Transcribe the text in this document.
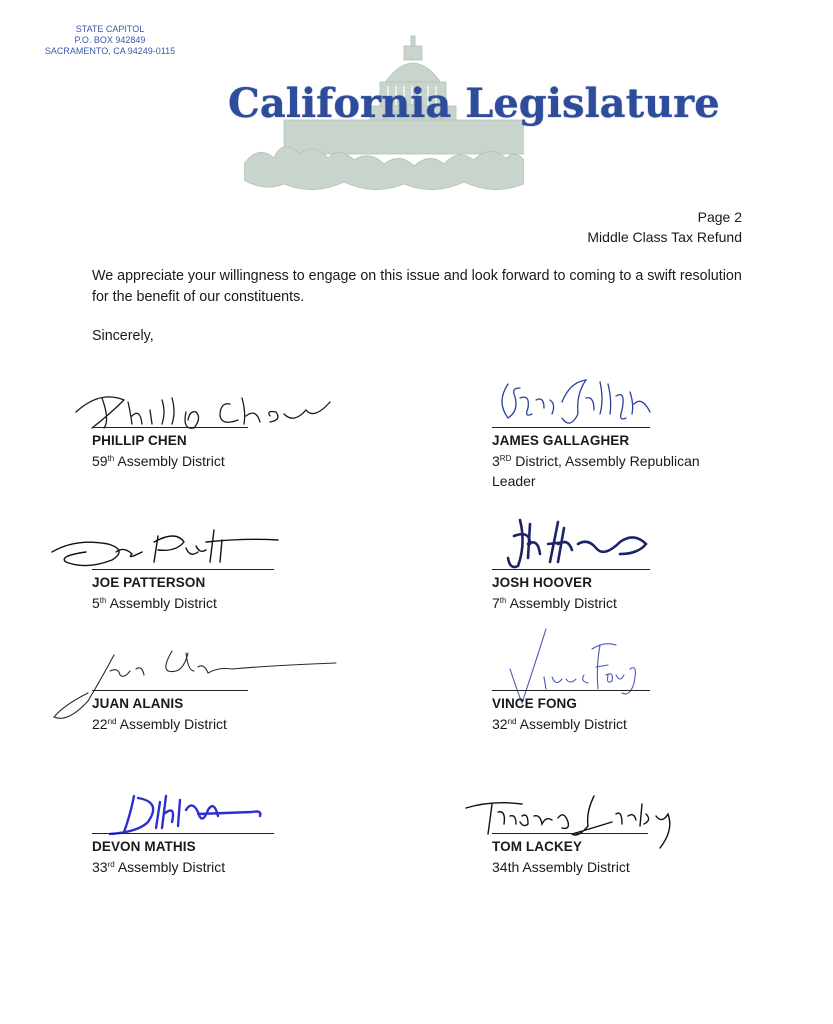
STATE CAPITOL
P.O. BOX 942849
SACRAMENTO, CA 94249-0115
California Legislature
Page 2
Middle Class Tax Refund
We appreciate your willingness to engage on this issue and look forward to coming to a swift resolution for the benefit of our constituents.
Sincerely,
PHILLIP CHEN
59th Assembly District
JAMES GALLAGHER
3RD District, Assembly Republican Leader
JOE PATTERSON
5th Assembly District
JOSH HOOVER
7th Assembly District
JUAN ALANIS
22nd Assembly District
VINCE FONG
32nd Assembly District
DEVON MATHIS
33rd Assembly District
TOM LACKEY
34th Assembly District
